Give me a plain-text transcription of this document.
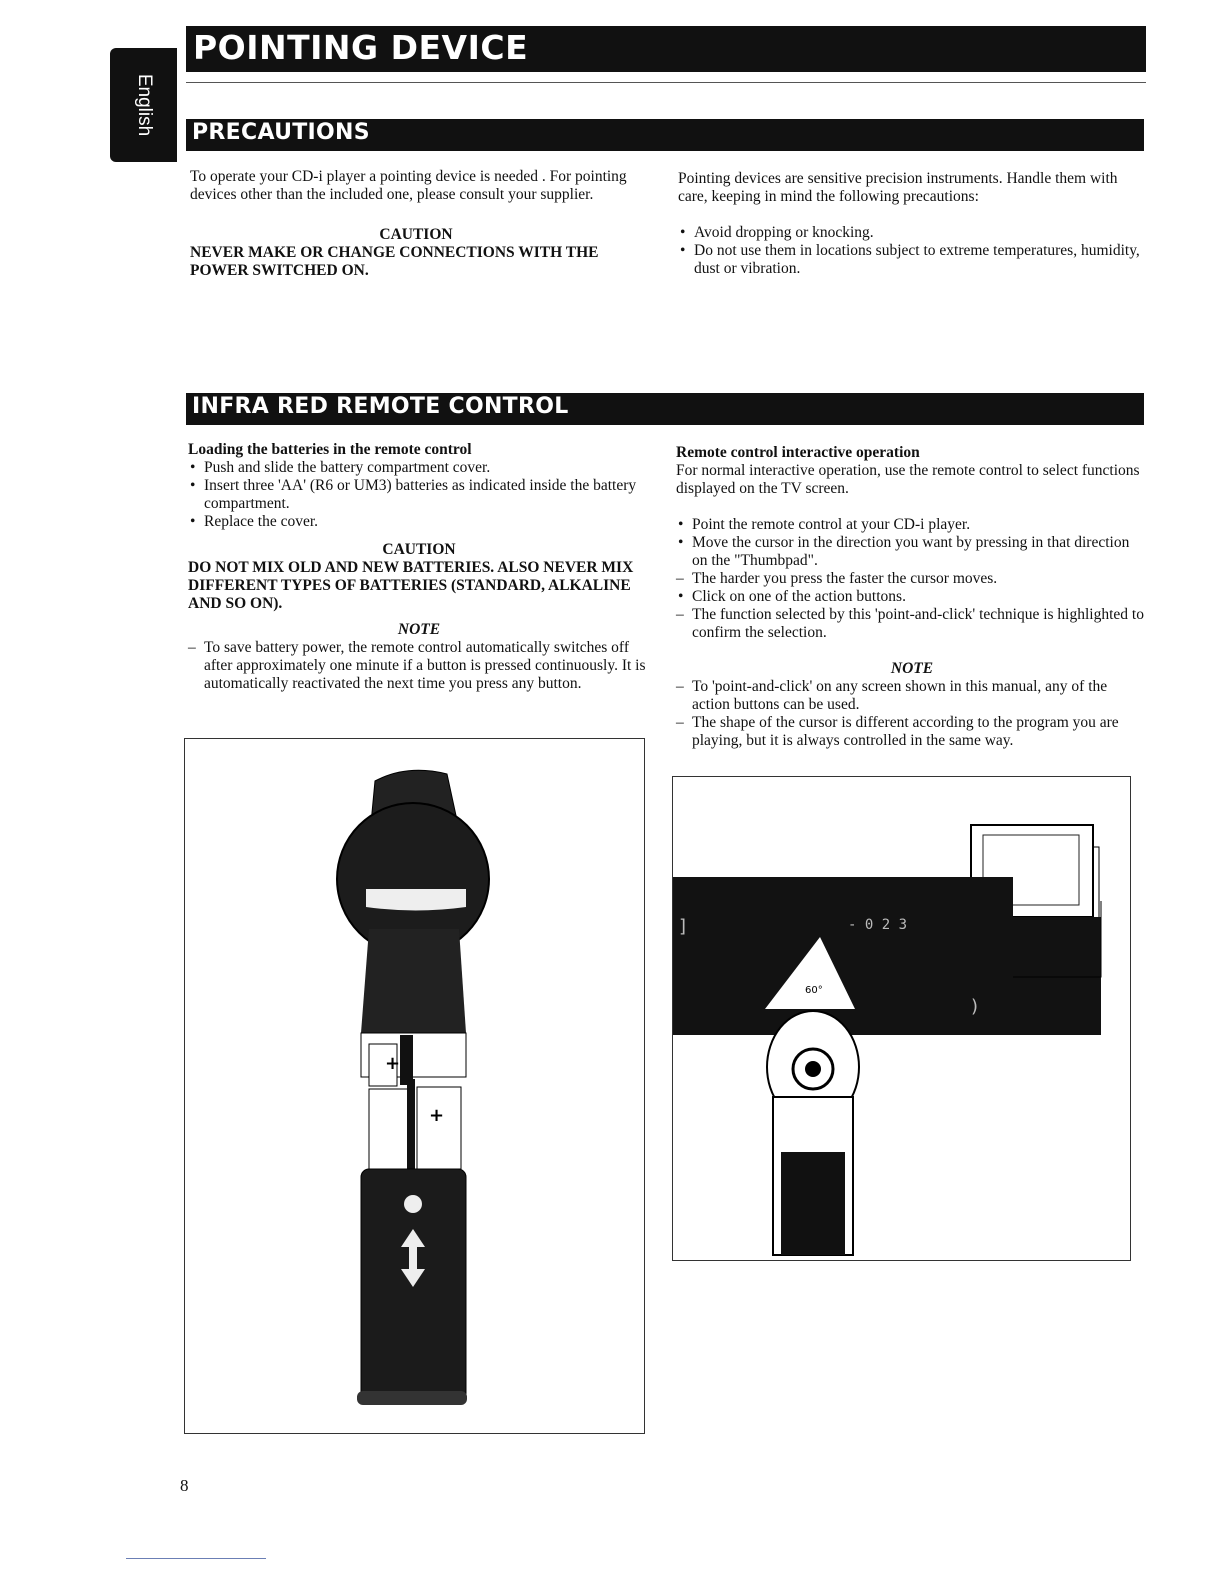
English
POINTING DEVICE
PRECAUTIONS

To operate your CD-i player a pointing device is needed . For pointing devices other than the included one, please consult your supplier.

CAUTION

NEVER MAKE OR CHANGE CONNECTIONS WITH THE POWER SWITCHED ON.

Pointing devices are sensitive precision instruments. Handle them with care, keeping in mind the following precautions:

• Avoid dropping or knocking.
• Do not use them in locations subject to extreme temperatures, humidity, dust or vibration.
INFRA RED REMOTE CONTROL

Loading the batteries in the remote control

• Push and slide the battery compartment cover.
• Insert three 'AA' (R6 or UM3) batteries as indicated inside the battery compartment.
• Replace the cover.

CAUTION

DO NOT MIX OLD AND NEW BATTERIES. ALSO NEVER MIX DIFFERENT TYPES OF BATTERIES (STANDARD, ALKALINE AND SO ON).

NOTE

– To save battery power, the remote control automatically switches off after approximately one minute if a button is pressed continuously. It is automatically reactivated the next time you press any button.

Remote control interactive operation

For normal interactive operation, use the remote control to select functions displayed on the TV screen.

• Point the remote control at your CD-i player.
• Move the cursor in the direction you want by pressing in that direction on the "Thumbpad".
– The harder you press the faster the cursor moves.
• Click on one of the action buttons.
– The function selected by this 'point-and-click' technique is highlighted to confirm the selection.

NOTE

– To 'point-and-click' on any screen shown in this manual, any of the action buttons can be used.
– The shape of the cursor is different according to the program you are playing, but it is always controlled in the same way.
+
+
- 0 2 3
60°
]
)
8
